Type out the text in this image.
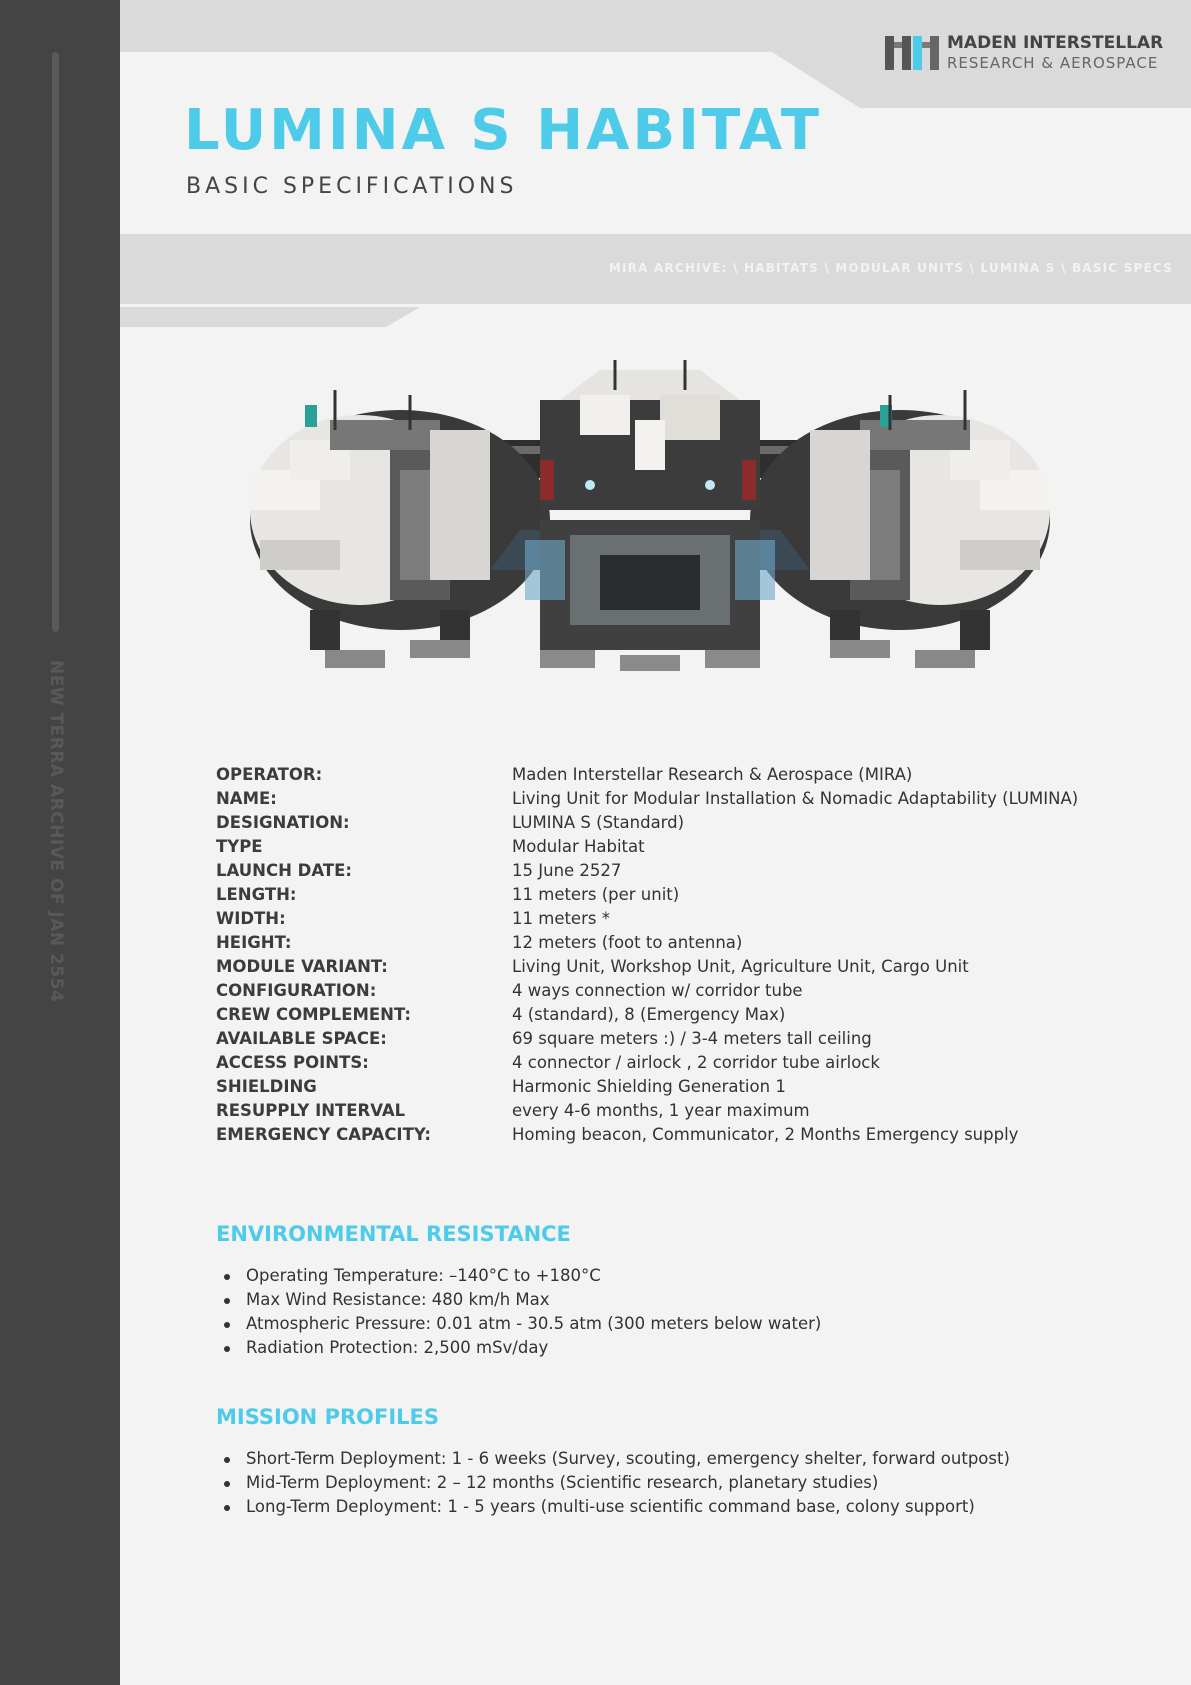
NEW TERRA ARCHIVE OF JAN 2554
MADEN INTERSTELLAR
RESEARCH & AEROSPACE
LUMINA S HABITAT
BASIC SPECIFICATIONS
MIRA ARCHIVE: \ HABITATS \ MODULAR UNITS \ LUMINA S \ BASIC SPECS
OPERATOR:	Maden Interstellar Research & Aerospace (MIRA)
NAME:	Living Unit for Modular Installation & Nomadic Adaptability (LUMINA)
DESIGNATION:	LUMINA S (Standard)
TYPE	Modular Habitat
LAUNCH DATE:	15 June 2527
LENGTH:	11 meters (per unit)
WIDTH:	11 meters *
HEIGHT:	12 meters (foot to antenna)
MODULE VARIANT:	Living Unit, Workshop Unit, Agriculture Unit, Cargo Unit
CONFIGURATION:	4 ways connection w/ corridor tube
CREW COMPLEMENT:	4 (standard), 8 (Emergency Max)
AVAILABLE SPACE:	69 square meters :) / 3-4 meters tall ceiling
ACCESS POINTS:	4 connector / airlock , 2 corridor tube airlock
SHIELDING	Harmonic Shielding Generation 1
RESUPPLY INTERVAL	every 4-6 months, 1 year maximum
EMERGENCY CAPACITY:	Homing beacon, Communicator, 2 Months Emergency supply
ENVIRONMENTAL RESISTANCE
Operating Temperature: –140°C to +180°C
Max Wind Resistance: 480 km/h Max
Atmospheric Pressure: 0.01 atm - 30.5 atm (300 meters below water)
Radiation Protection: 2,500 mSv/day
MISSION PROFILES
Short-Term Deployment: 1 - 6 weeks (Survey, scouting, emergency shelter, forward outpost)
Mid-Term Deployment: 2 – 12 months (Scientific research, planetary studies)
Long-Term Deployment: 1 - 5 years (multi-use scientific command base, colony support)
